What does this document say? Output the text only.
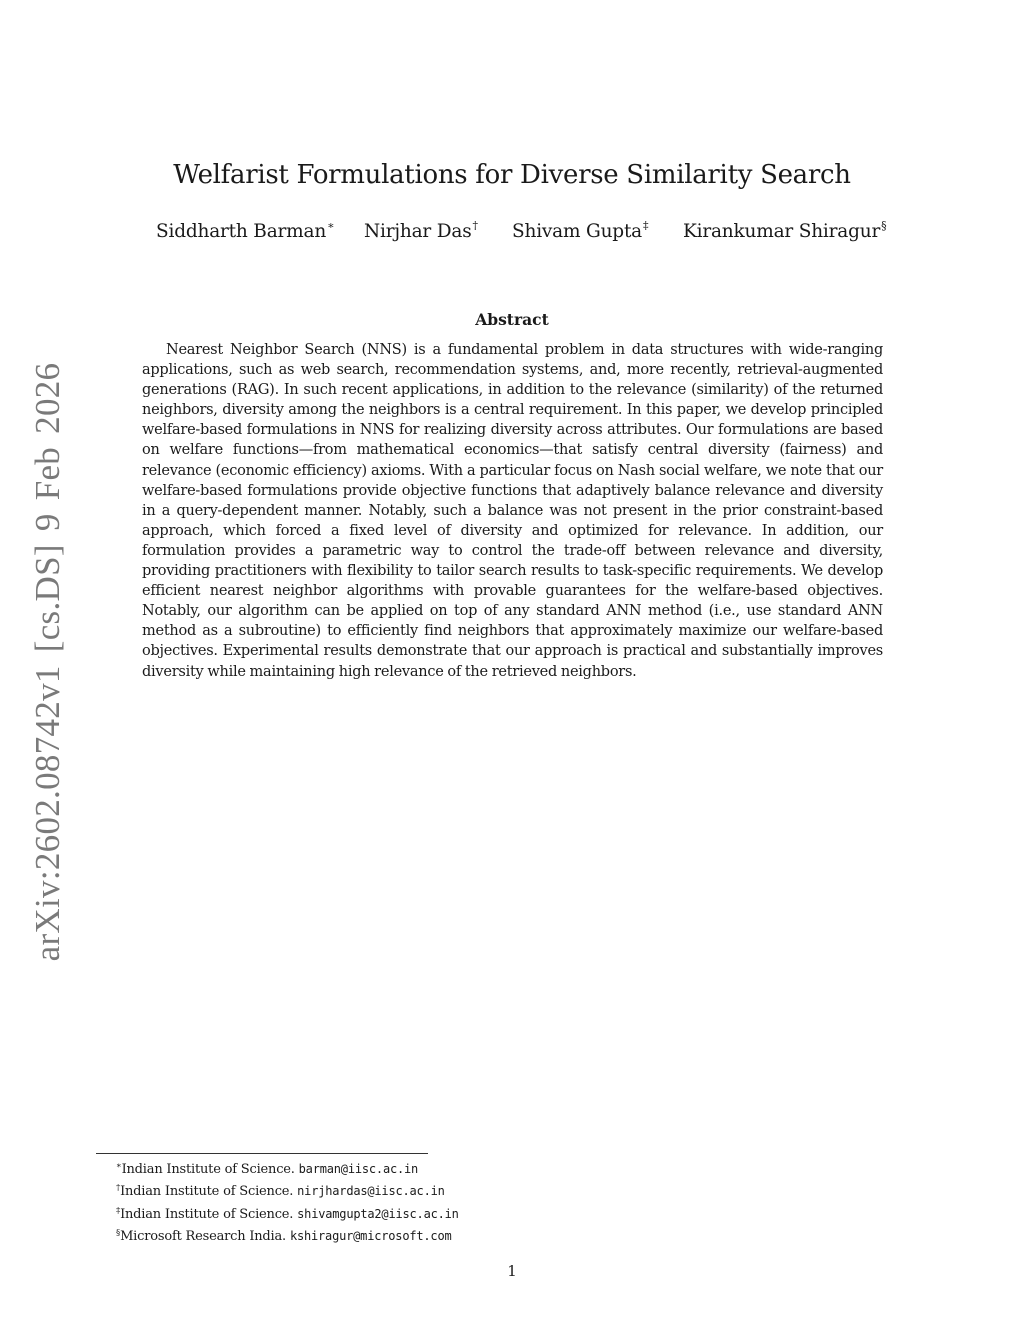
arXiv:2602.08742v1 [cs.DS] 9 Feb 2026
Welfarist Formulations for Diverse Similarity Search
Siddharth Barman∗ Nirjhar Das† Shivam Gupta‡ Kirankumar Shiragur§
Abstract

Nearest Neighbor Search (NNS) is a fundamental problem in data structures with wide-ranging applications, such as web search, recommendation systems, and, more recently, retrieval-augmented generations (RAG). In such recent applications, in addition to the relevance (similarity) of the returned neighbors, diversity among the neighbors is a central requirement. In this paper, we develop principled welfare-based formulations in NNS for realizing diversity across attributes. Our formulations are based on welfare functions—from mathematical economics—that satisfy central diversity (fairness) and relevance (economic efficiency) axioms. With a particular focus on Nash social welfare, we note that our welfare-based formulations provide objective functions that adaptively balance relevance and diversity in a query-dependent manner. Notably, such a balance was not present in the prior constraint-based approach, which forced a fixed level of diversity and optimized for relevance. In addition, our formulation provides a parametric way to control the trade-off between relevance and diversity, providing practitioners with flexibility to tailor search results to task-specific requirements. We develop efficient nearest neighbor algorithms with provable guarantees for the welfare-based objectives. Notably, our algorithm can be applied on top of any standard ANN method (i.e., use standard ANN method as a subroutine) to efficiently find neighbors that approximately maximize our welfare-based objectives. Experimental results demonstrate that our approach is practical and substantially improves diversity while maintaining high relevance of the retrieved neighbors.

∗Indian Institute of Science. barman@iisc.ac.in
†Indian Institute of Science. nirjhardas@iisc.ac.in
‡Indian Institute of Science. shivamgupta2@iisc.ac.in
§Microsoft Research India. kshiragur@microsoft.com
1
